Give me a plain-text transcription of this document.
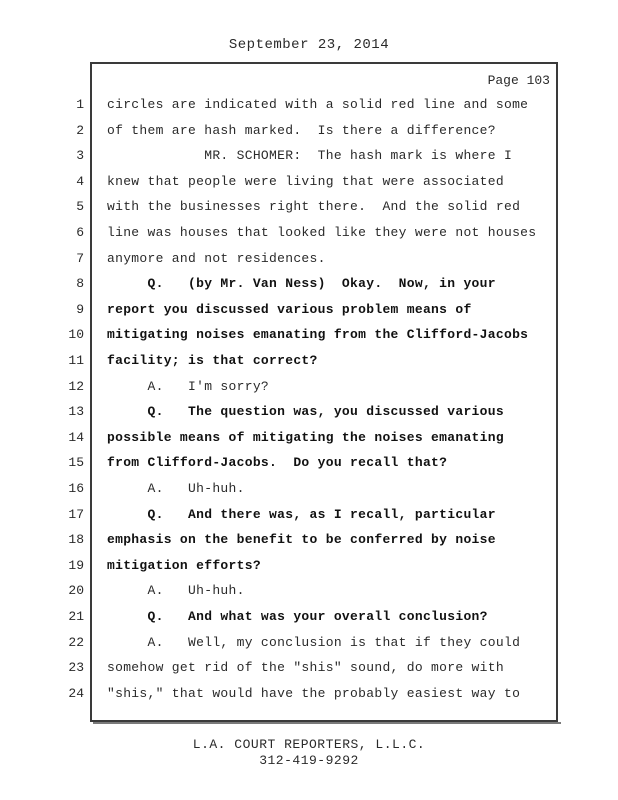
September 23, 2014
Page 103
1 circles are indicated with a solid red line and some
2 of them are hash marked.  Is there a difference?
3 MR. SCHOMER:  The hash mark is where I
4 knew that people were living that were associated
5 with the businesses right there.  And the solid red
6 line was houses that looked like they were not houses
7 anymore and not residences.
8 Q.   (by Mr. Van Ness)  Okay.  Now, in your
9 report you discussed various problem means of
10 mitigating noises emanating from the Clifford-Jacobs
11 facility; is that correct?
12 A.   I'm sorry?
13 Q.   The question was, you discussed various
14 possible means of mitigating the noises emanating
15 from Clifford-Jacobs.  Do you recall that?
16 A.   Uh-huh.
17 Q.   And there was, as I recall, particular
18 emphasis on the benefit to be conferred by noise
19 mitigation efforts?
20 A.   Uh-huh.
21 Q.   And what was your overall conclusion?
22 A.   Well, my conclusion is that if they could
23 somehow get rid of the "shis" sound, do more with
24 "shis," that would have the probably easiest way to
L.A. COURT REPORTERS, L.L.C.
312-419-9292
